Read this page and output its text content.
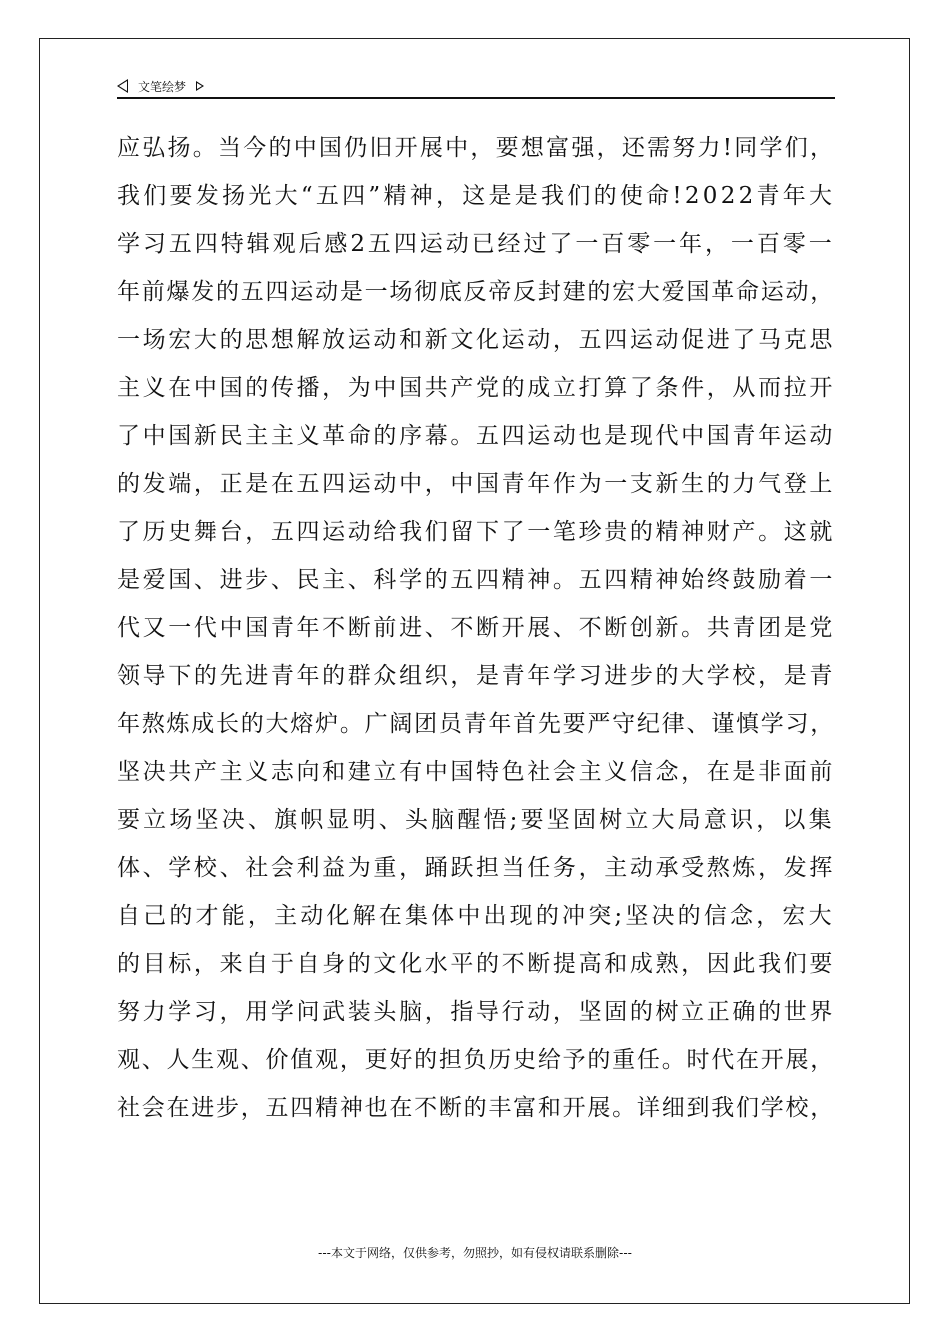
文笔绘梦
应弘扬。当今的中国仍旧开展中，要想富强，还需努力!同学们，
我们要发扬光大“五四”精神，这是是我们的使命!2022青年大
学习五四特辑观后感2五四运动已经过了一百零一年，一百零一
年前爆发的五四运动是一场彻底反帝反封建的宏大爱国革命运动，
一场宏大的思想解放运动和新文化运动，五四运动促进了马克思
主义在中国的传播，为中国共产党的成立打算了条件，从而拉开
了中国新民主主义革命的序幕。五四运动也是现代中国青年运动
的发端，正是在五四运动中，中国青年作为一支新生的力气登上
了历史舞台，五四运动给我们留下了一笔珍贵的精神财产。这就
是爱国、进步、民主、科学的五四精神。五四精神始终鼓励着一
代又一代中国青年不断前进、不断开展、不断创新。共青团是党
领导下的先进青年的群众组织，是青年学习进步的大学校，是青
年熬炼成长的大熔炉。广阔团员青年首先要严守纪律、谨慎学习，
坚决共产主义志向和建立有中国特色社会主义信念，在是非面前
要立场坚决、旗帜显明、头脑醒悟;要坚固树立大局意识，以集
体、学校、社会利益为重，踊跃担当任务，主动承受熬炼，发挥
自己的才能，主动化解在集体中出现的冲突;坚决的信念，宏大
的目标，来自于自身的文化水平的不断提高和成熟，因此我们要
努力学习，用学问武装头脑，指导行动，坚固的树立正确的世界
观、人生观、价值观，更好的担负历史给予的重任。时代在开展，
社会在进步，五四精神也在不断的丰富和开展。详细到我们学校，
---本文于网络，仅供参考，勿照抄，如有侵权请联系删除---
